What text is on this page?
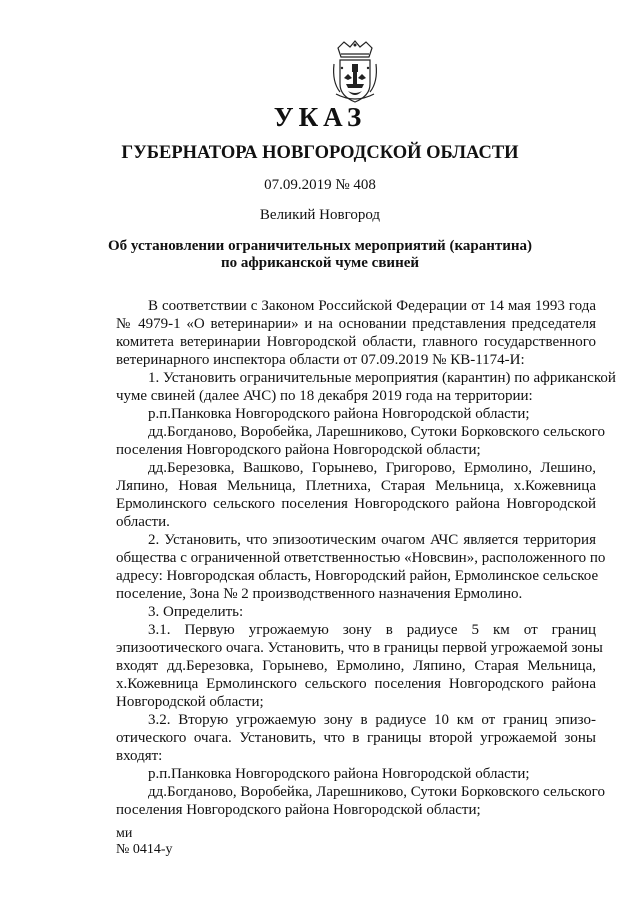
УКАЗ
ГУБЕРНАТОРА НОВГОРОДСКОЙ ОБЛАСТИ
07.09.2019 № 408
Великий Новгород
Об установлении ограничительных мероприятий (карантина)
по африканской чуме свиней
В соответствии с Законом Российской Федерации от 14 мая 1993 года
№ 4979-1 «О ветеринарии» и на основании представления председателя
комитета ветеринарии Новгородской области, главного государственного
ветеринарного инспектора области от 07.09.2019 № КВ-1174-И:
1. Установить ограничительные мероприятия (карантин) по африканской
чуме свиней (далее АЧС) по 18 декабря 2019 года на территории:
р.п.Панковка Новгородского района Новгородской области;
дд.Богданово, Воробейка, Ларешниково, Сутоки Борковского сельского
поселения Новгородского района Новгородской области;
дд.Березовка, Вашково, Горынево, Григорово, Ермолино, Лешино,
Ляпино, Новая Мельница, Плетниха, Старая Мельница, х.Кожевница
Ермолинского сельского поселения Новгородского района Новгородской
области.
2. Установить, что эпизоотическим очагом АЧС является территория
общества с ограниченной ответственностью «Новсвин», расположенного по
адресу: Новгородская область, Новгородский район, Ермолинское сельское
поселение, Зона № 2 производственного назначения Ермолино.
3. Определить:
3.1. Первую угрожаемую зону в радиусе 5 км от границ
эпизоотического очага. Установить, что в границы первой угрожаемой зоны
входят дд.Березовка, Горынево, Ермолино, Ляпино, Старая Мельница,
х.Кожевница Ермолинского сельского поселения Новгородского района
Новгородской области;
3.2. Вторую угрожаемую зону в радиусе 10 км от границ эпизо-
отического очага. Установить, что в границы второй угрожаемой зоны
входят:
р.п.Панковка Новгородского района Новгородской области;
дд.Богданово, Воробейка, Ларешниково, Сутоки Борковского сельского
поселения Новгородского района Новгородской области;
ми
№ 0414-у
